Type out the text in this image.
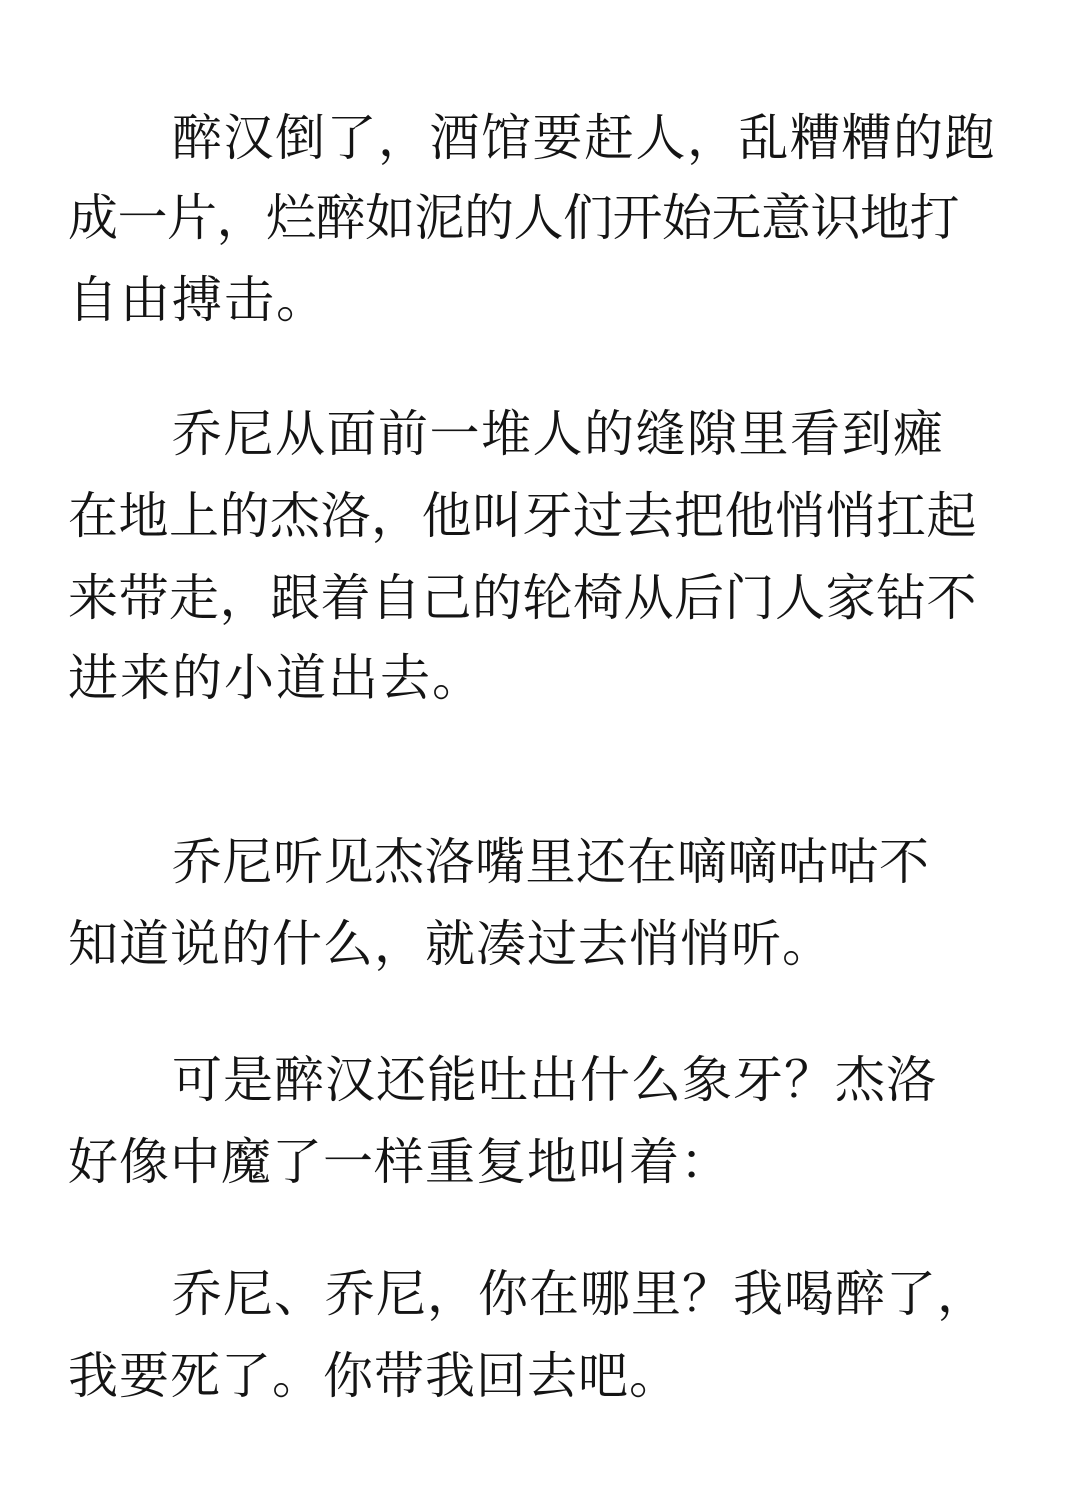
醉汉倒了，酒馆要赶人，乱糟糟的跑
成一片，烂醉如泥的人们开始无意识地打
自由搏击。
乔尼从面前一堆人的缝隙里看到瘫
在地上的杰洛，他叫牙过去把他悄悄扛起
来带走，跟着自己的轮椅从后门人家钻不
进来的小道出去。
乔尼听见杰洛嘴里还在嘀嘀咕咕不
知道说的什么，就凑过去悄悄听。
可是醉汉还能吐出什么象牙？杰洛
好像中魔了一样重复地叫着：
乔尼、乔尼，你在哪里？我喝醉了，
我要死了。你带我回去吧。
